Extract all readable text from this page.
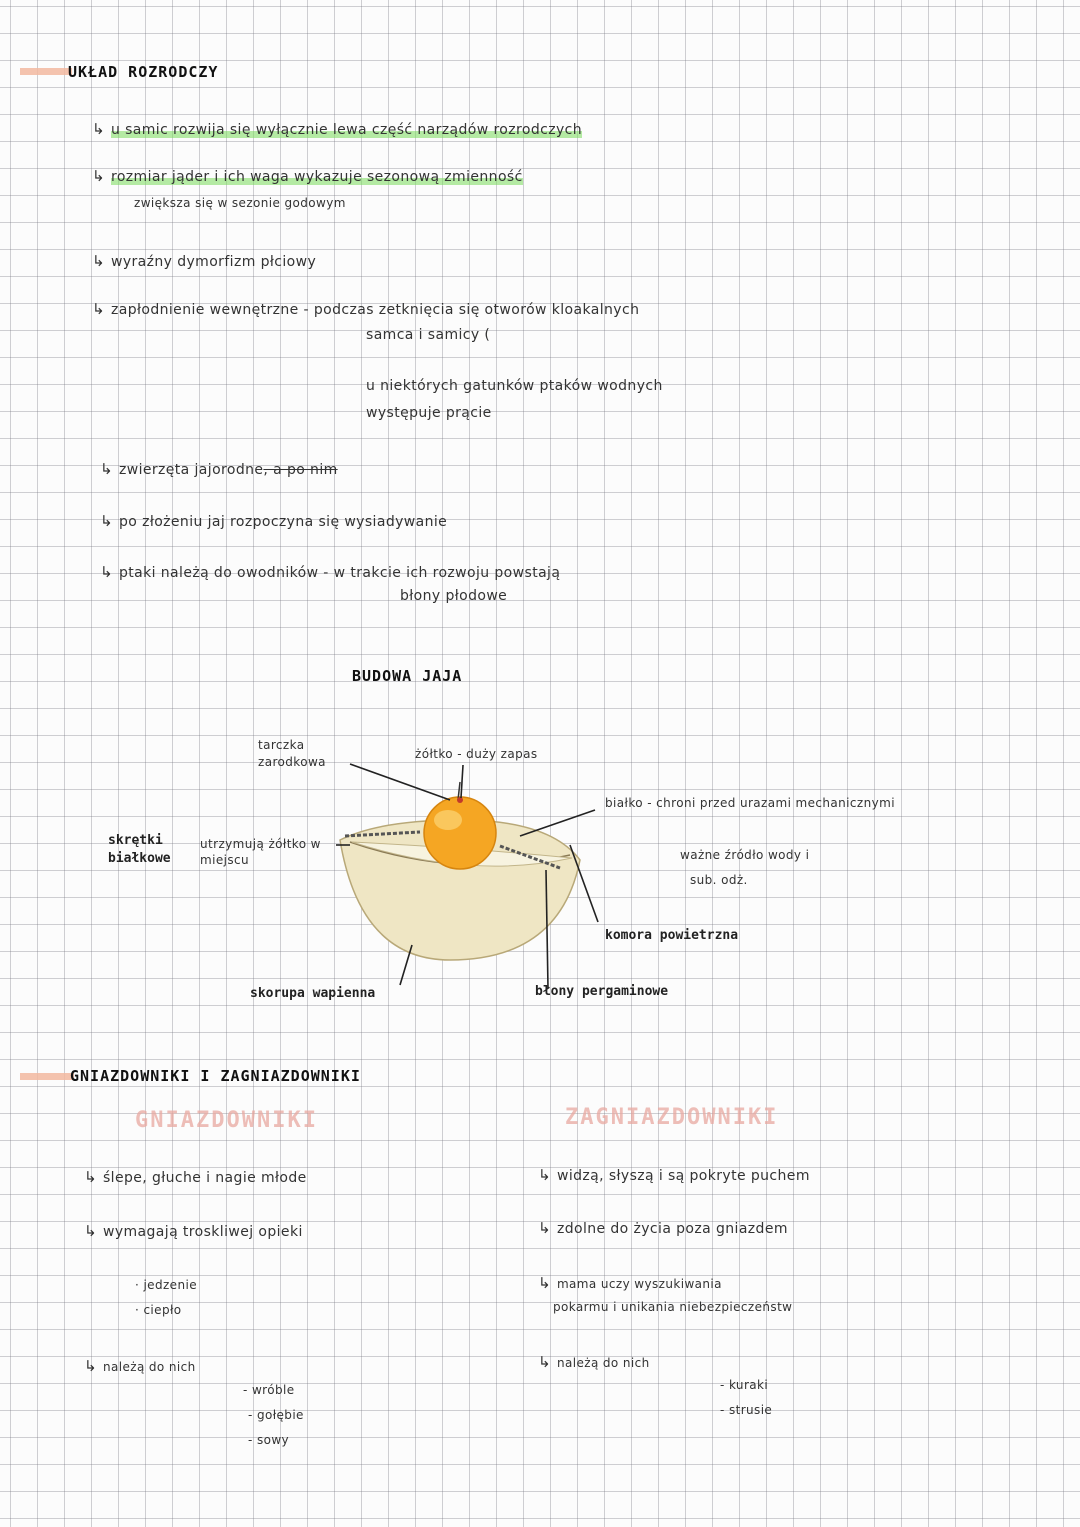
UKŁAD ROZRODCZY
↳ u samic rozwija się wyłącznie lewa część narządów rozrodczych
↳ rozmiar jąder i ich waga wykazuje sezonową zmienność
zwiększa się w sezonie godowym
↳ wyraźny dymorfizm płciowy
↳ zapłodnienie wewnętrzne - podczas zetknięcia się otworów kloakalnych
samca i samicy (
u niektórych gatunków ptaków wodnych
występuje prącie
↳ zwierzęta jajorodne, a po nim
↳ po złożeniu jaj rozpoczyna się wysiadywanie
↳ ptaki należą do owodników - w trakcie ich rozwoju powstają
błony płodowe
BUDOWA JAJA
tarczka zarodkowa
żółtko - duży zapas
białko - chroni przed urazami mechanicznymi
ważne źródło wody i
sub. odż.
skrętki białkowe
utrzymują żółtko w miejscu
komora powietrzna
skorupa wapienna	błony pergaminowe
GNIAZDOWNIKI I ZAGNIAZDOWNIKI
GNIAZDOWNIKI	ZAGNIAZDOWNIKI
↳ ślepe, głuche i nagie młode
↳ wymagają troskliwej opieki
· jedzenie
· ciepło
↳ należą do nich
- wróble
- gołębie
- sowy
↳ widzą, słyszą i są pokryte puchem
↳ zdolne do życia poza gniazdem
↳ mama uczy wyszukiwania
pokarmu i unikania niebezpieczeństw
↳ należą do nich
- kuraki
- strusie
